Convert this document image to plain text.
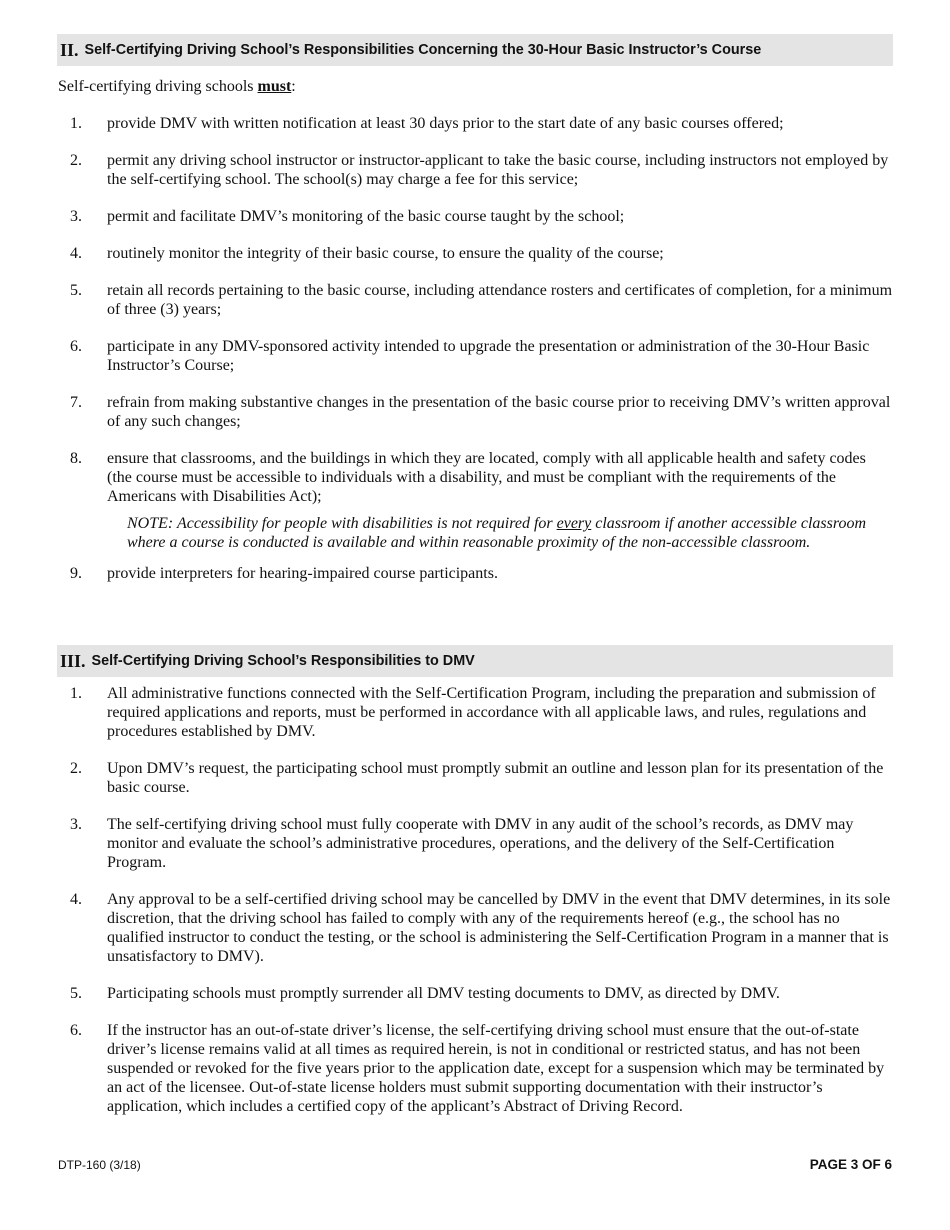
II. Self-Certifying Driving School’s Responsibilities Concerning the 30-Hour Basic Instructor’s Course
Self-certifying driving schools must:
1. provide DMV with written notification at least 30 days prior to the start date of any basic courses offered;
2. permit any driving school instructor or instructor-applicant to take the basic course, including instructors not employed by the self-certifying school. The school(s) may charge a fee for this service;
3. permit and facilitate DMV’s monitoring of the basic course taught by the school;
4. routinely monitor the integrity of their basic course, to ensure the quality of the course;
5. retain all records pertaining to the basic course, including attendance rosters and certificates of completion, for a minimum of three (3) years;
6. participate in any DMV-sponsored activity intended to upgrade the presentation or administration of the 30-Hour Basic Instructor’s Course;
7. refrain from making substantive changes in the presentation of the basic course prior to receiving DMV’s written approval of any such changes;
8. ensure that classrooms, and the buildings in which they are located, comply with all applicable health and safety codes (the course must be accessible to individuals with a disability, and must be compliant with the requirements of the Americans with Disabilities Act);
NOTE: Accessibility for people with disabilities is not required for every classroom if another accessible classroom where a course is conducted is available and within reasonable proximity of the non-accessible classroom.
9. provide interpreters for hearing-impaired course participants.
III. Self-Certifying Driving School’s Responsibilities to DMV
1. All administrative functions connected with the Self-Certification Program, including the preparation and submission of required applications and reports, must be performed in accordance with all applicable laws, and rules, regulations and procedures established by DMV.
2. Upon DMV’s request, the participating school must promptly submit an outline and lesson plan for its presentation of the basic course.
3. The self-certifying driving school must fully cooperate with DMV in any audit of the school’s records, as DMV may monitor and evaluate the school’s administrative procedures, operations, and the delivery of the Self-Certification Program.
4. Any approval to be a self-certified driving school may be cancelled by DMV in the event that DMV determines, in its sole discretion, that the driving school has failed to comply with any of the requirements hereof (e.g., the school has no qualified instructor to conduct the testing, or the school is administering the Self-Certification Program in a manner that is unsatisfactory to DMV).
5. Participating schools must promptly surrender all DMV testing documents to DMV, as directed by DMV.
6. If the instructor has an out-of-state driver’s license, the self-certifying driving school must ensure that the out-of-state driver’s license remains valid at all times as required herein, is not in conditional or restricted status, and has not been suspended or revoked for the five years prior to the application date, except for a suspension which may be terminated by an act of the licensee. Out-of-state license holders must submit supporting documentation with their instructor’s application, which includes a certified copy of the applicant’s Abstract of Driving Record.
DTP-160 (3/18)	PAGE 3 OF 6
